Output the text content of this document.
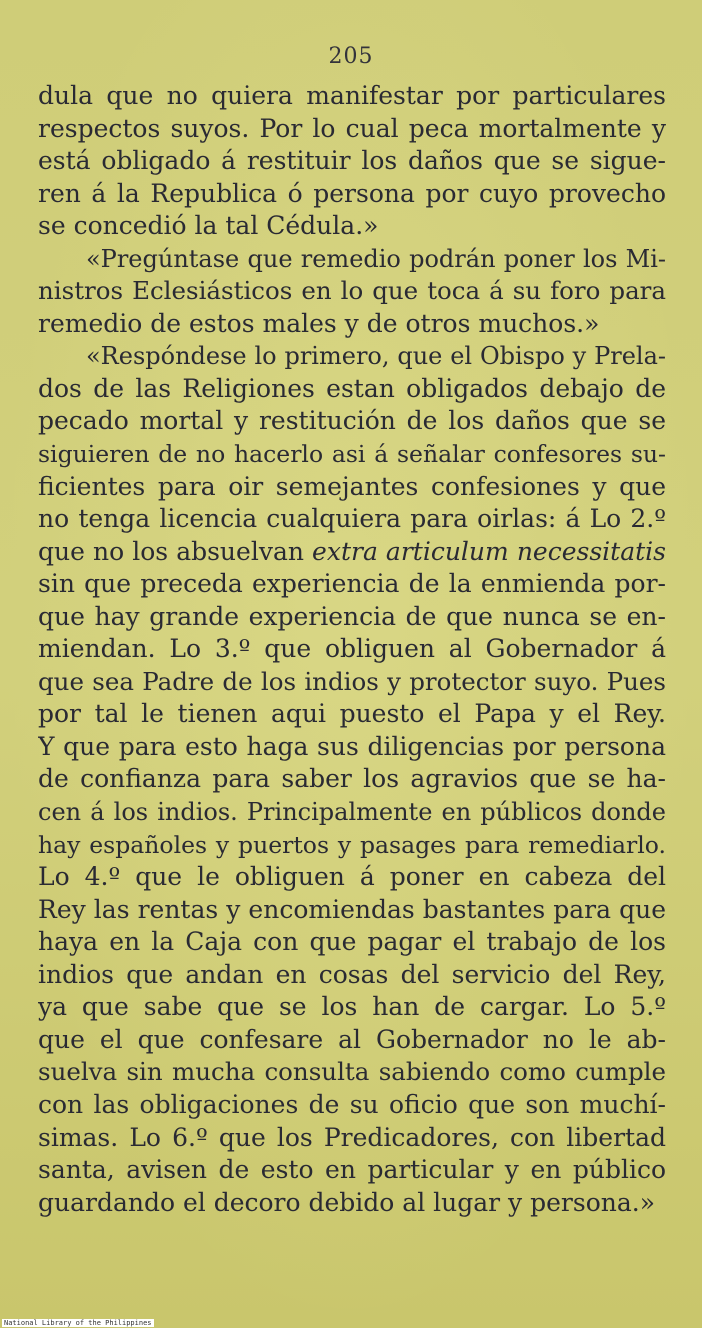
205
dula que no quiera manifestar por particulares
respectos suyos. Por lo cual peca mortalmente y
está obligado á restituir los daños que se sigue-
ren á la Republica ó persona por cuyo provecho
se concedió la tal Cédula.»
«Pregúntase que remedio podrán poner los Mi-
nistros Eclesiásticos en lo que toca á su foro para
remedio de estos males y de otros muchos.»
«Respóndese lo primero, que el Obispo y Prela-
dos de las Religiones estan obligados debajo de
pecado mortal y restitución de los daños que se
siguieren de no hacerlo asi á señalar confesores su-
ficientes para oir semejantes confesiones y que
no tenga licencia cualquiera para oirlas: á Lo 2.º
que no los absuelvan extra articulum necessitatis
sin que preceda experiencia de la enmienda por-
que hay grande experiencia de que nunca se en-
miendan. Lo 3.º que obliguen al Gobernador á
que sea Padre de los indios y protector suyo. Pues
por tal le tienen aqui puesto el Papa y el Rey.
Y que para esto haga sus diligencias por persona
de confianza para saber los agravios que se ha-
cen á los indios. Principalmente en públicos donde
hay españoles y puertos y pasages para remediarlo.
Lo 4.º que le obliguen á poner en cabeza del
Rey las rentas y encomiendas bastantes para que
haya en la Caja con que pagar el trabajo de los
indios que andan en cosas del servicio del Rey,
ya que sabe que se los han de cargar. Lo 5.º
que el que confesare al Gobernador no le ab-
suelva sin mucha consulta sabiendo como cumple
con las obligaciones de su oficio que son muchí-
simas. Lo 6.º que los Predicadores, con libertad
santa, avisen de esto en particular y en público
guardando el decoro debido al lugar y persona.»
National Library of the Philippines
